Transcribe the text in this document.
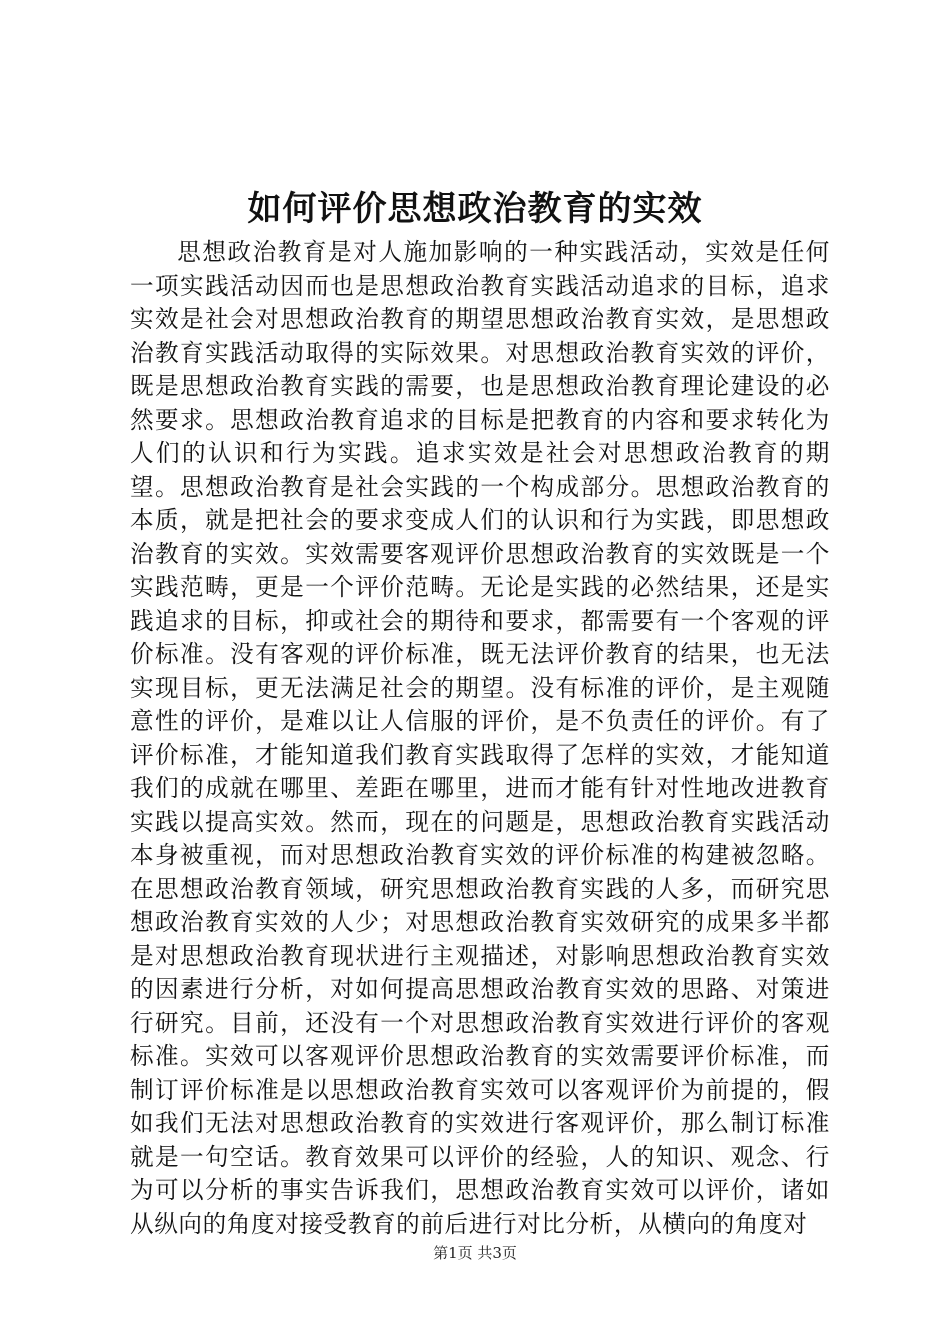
如何评价思想政治教育的实效

思想政治教育是对人施加影响的一种实践活动，实效是任何一项实践活动因而也是思想政治教育实践活动追求的目标，追求实效是社会对思想政治教育的期望思想政治教育实效，是思想政治教育实践活动取得的实际效果。对思想政治教育实效的评价，既是思想政治教育实践的需要，也是思想政治教育理论建设的必然要求。思想政治教育追求的目标是把教育的内容和要求转化为人们的认识和行为实践。追求实效是社会对思想政治教育的期望。思想政治教育是社会实践的一个构成部分。思想政治教育的本质，就是把社会的要求变成人们的认识和行为实践，即思想政治教育的实效。实效需要客观评价思想政治教育的实效既是一个实践范畴，更是一个评价范畴。无论是实践的必然结果，还是实践追求的目标，抑或社会的期待和要求，都需要有一个客观的评价标准。没有客观的评价标准，既无法评价教育的结果，也无法实现目标，更无法满足社会的期望。没有标准的评价，是主观随意性的评价，是难以让人信服的评价，是不负责任的评价。有了评价标准，才能知道我们教育实践取得了怎样的实效，才能知道我们的成就在哪里、差距在哪里，进而才能有针对性地改进教育实践以提高实效。然而，现在的问题是，思想政治教育实践活动本身被重视，而对思想政治教育实效的评价标准的构建被忽略。在思想政治教育领域，研究思想政治教育实践的人多，而研究思想政治教育实效的人少；对思想政治教育实效研究的成果多半都是对思想政治教育现状进行主观描述，对影响思想政治教育实效的因素进行分析，对如何提高思想政治教育实效的思路、对策进行研究。目前，还没有一个对思想政治教育实效进行评价的客观标准。实效可以客观评价思想政治教育的实效需要评价标准，而制订评价标准是以思想政治教育实效可以客观评价为前提的，假如我们无法对思想政治教育的实效进行客观评价，那么制订标准就是一句空话。教育效果可以评价的经验，人的知识、观念、行为可以分析的事实告诉我们，思想政治教育实效可以评价，诸如从纵向的角度对接受教育的前后进行对比分析，从横向的角度对

第1页 共3页
